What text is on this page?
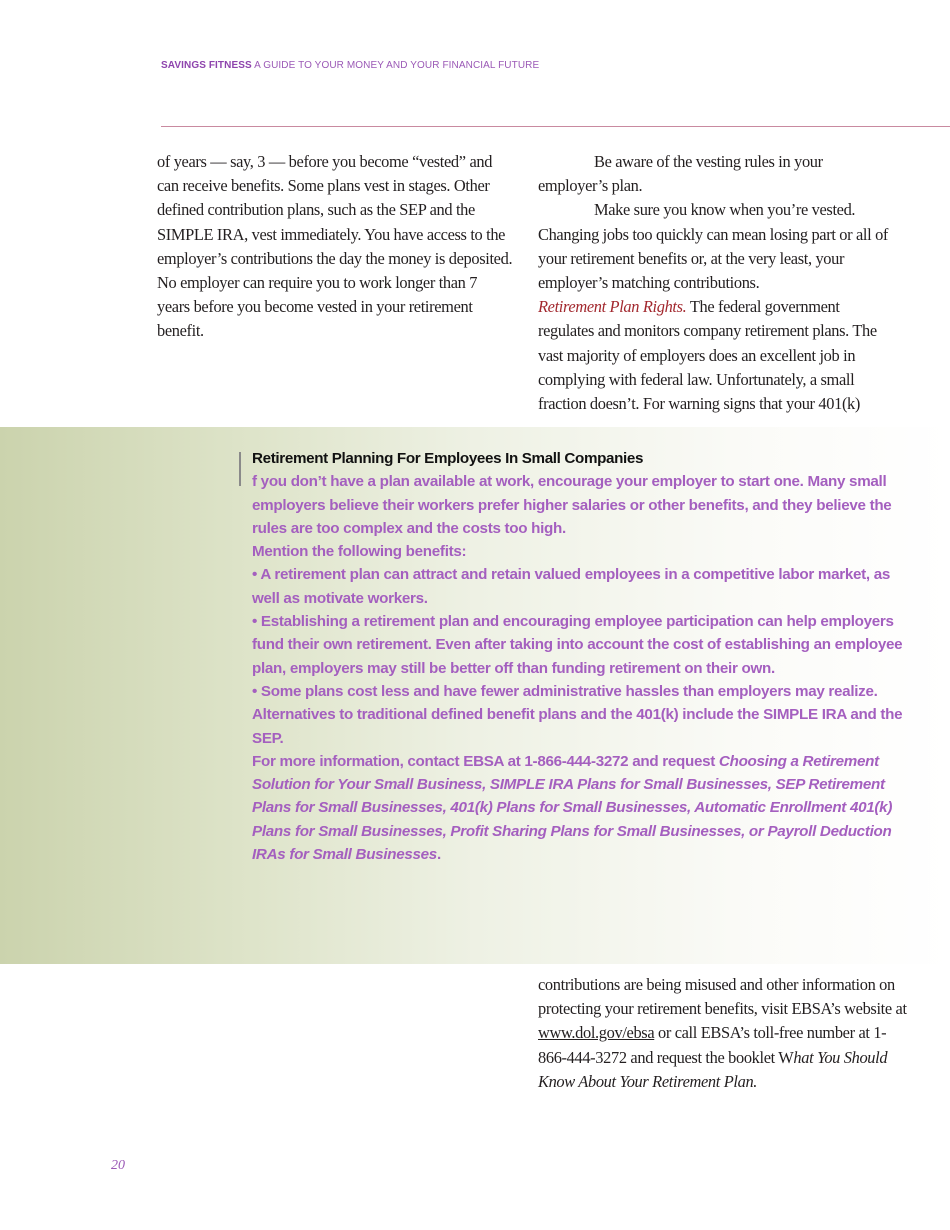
SAVINGS FITNESS A GUIDE TO YOUR MONEY AND YOUR FINANCIAL FUTURE

of years — say, 3 — before you become “vested” and can receive benefits. Some plans vest in stages. Other defined contribution plans, such as the SEP and the SIMPLE IRA, vest immediately. You have access to the employer’s contributions the day the money is deposited. No employer can require you to work longer than 7 years before you become vested in your retirement benefit.

Be aware of the vesting rules in your employer’s plan.

Make sure you know when you’re vested. Changing jobs too quickly can mean losing part or all of your retirement benefits or, at the very least, your employer’s matching contributions.

Retirement Plan Rights. The federal government regulates and monitors company retirement plans. The vast majority of employers does an excellent job in complying with federal law. Unfortunately, a small fraction doesn’t. For warning signs that your 401(k)

Retirement Planning For Employees In Small Companies

f you don’t have a plan available at work, encourage your employer to start one. Many small employers believe their workers prefer higher salaries or other benefits, and they believe the rules are too complex and the costs too high.

Mention the following benefits:

• A retirement plan can attract and retain valued employees in a competitive labor market, as well as motivate workers.

• Establishing a retirement plan and encouraging employee participation can help employers fund their own retirement. Even after taking into account the cost of establishing an employee plan, employers may still be better off than funding retirement on their own.

• Some plans cost less and have fewer administrative hassles than employers may realize. Alternatives to traditional defined benefit plans and the 401(k) include the SIMPLE IRA and the SEP.

For more information, contact EBSA at 1-866-444-3272 and request Choosing a Retirement Solution for Your Small Business, SIMPLE IRA Plans for Small Businesses, SEP Retirement Plans for Small Businesses, 401(k) Plans for Small Businesses, Automatic Enrollment 401(k) Plans for Small Businesses, Profit Sharing Plans for Small Businesses, or Payroll Deduction IRAs for Small Businesses.

contributions are being misused and other information on protecting your retirement benefits, visit EBSA’s website at www.dol.gov/ebsa or call EBSA’s toll-free number at 1-866-444-3272 and request the booklet What You Should Know About Your Retirement Plan.

20
